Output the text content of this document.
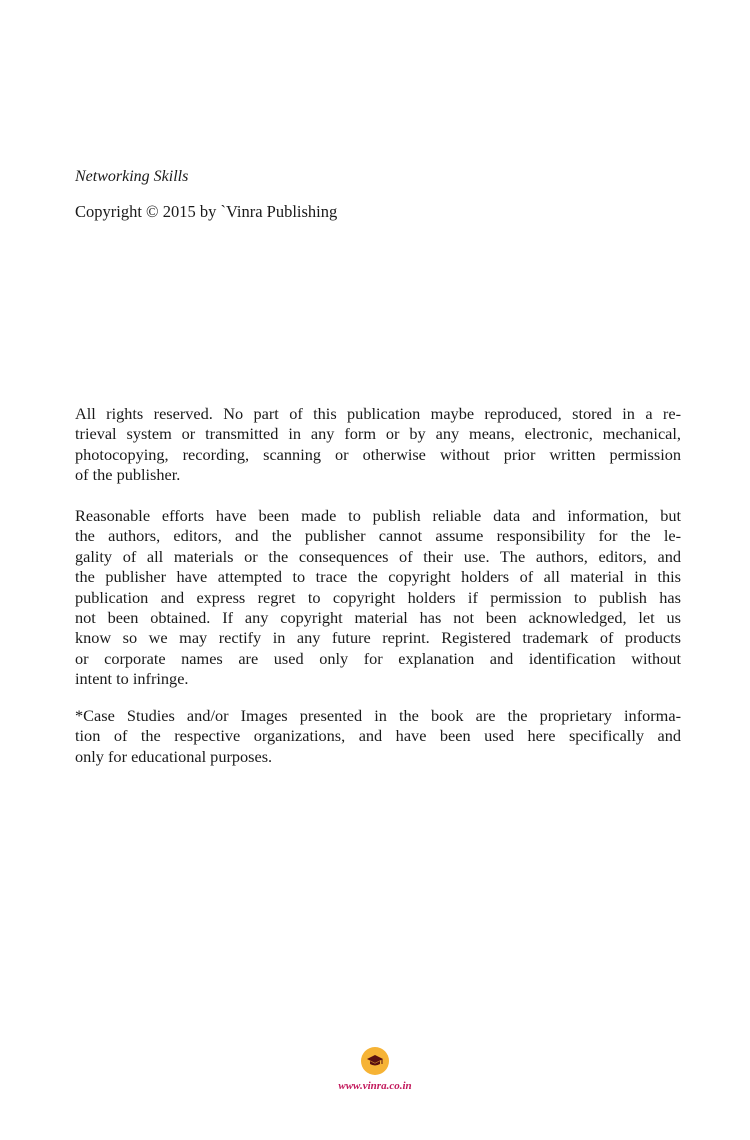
Networking Skills
Copyright © 2015 by `Vinra Publishing
All rights reserved. No part of this publication maybe reproduced, stored in a re-
trieval system or transmitted in any form or by any means, electronic, mechanical,
photocopying, recording, scanning or otherwise without prior written permission
of the publisher.
Reasonable efforts have been made to publish reliable data and information, but
the authors, editors, and the publisher cannot assume responsibility for the le-
gality of all materials or the consequences of their use. The authors, editors, and
the publisher have attempted to trace the copyright holders of all material in this
publication and express regret to copyright holders if permission to publish has
not been obtained. If any copyright material has not been acknowledged, let us
know so we may rectify in any future reprint. Registered trademark of products
or corporate names are used only for explanation and identification without
intent to infringe.
*Case Studies and/or Images presented in the book are the proprietary informa-
tion of the respective organizations, and have been used here specifically and
only for educational purposes.
www.vinra.co.in
